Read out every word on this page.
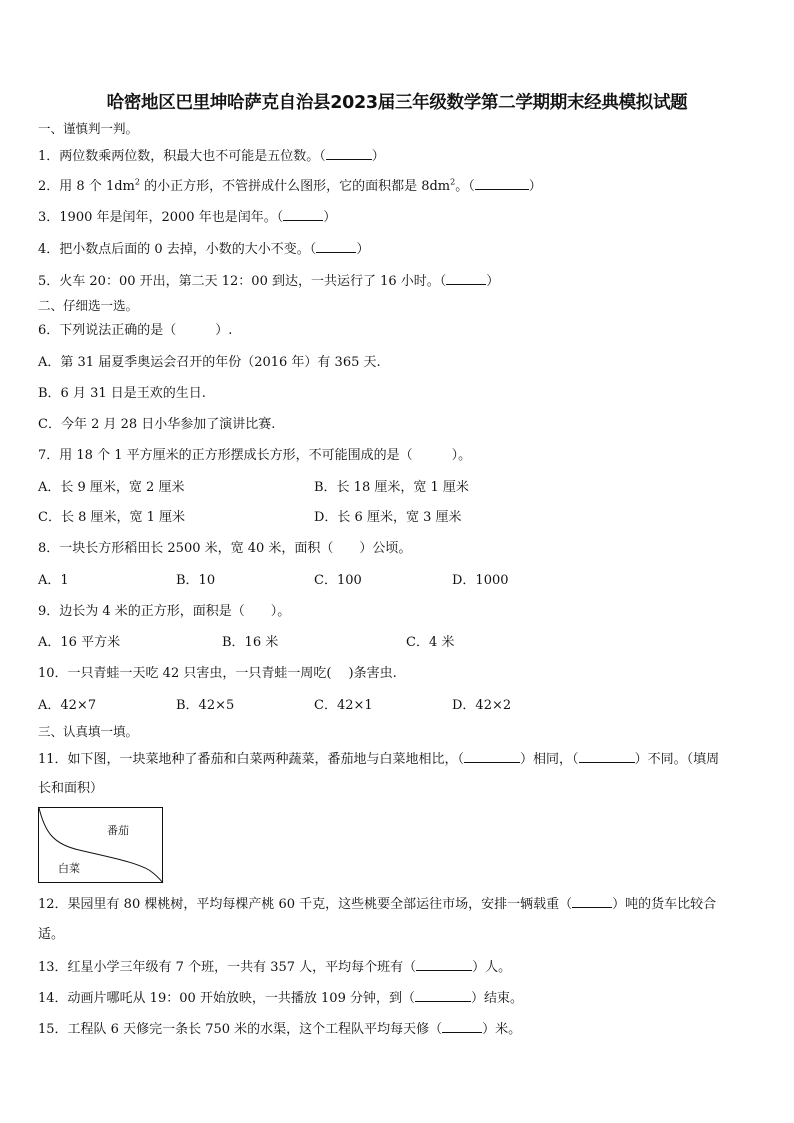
哈密地区巴里坤哈萨克自治县2023届三年级数学第二学期期末经典模拟试题
一、谨慎判一判。
1．两位数乘两位数，积最大也不可能是五位数。（	）
2．用 8 个 $1dm^2$ 的小正方形，不管拼成什么图形，它的面积都是 $8dm^2$。（	）
3．1900 年是闰年，2000 年也是闰年。（	）
4．把小数点后面的 0 去掉，小数的大小不变。（	）
5．火车 20：00 开出，第二天 12：00 到达，一共运行了 16 小时。（	）
二、仔细选一选。
6．下列说法正确的是（　　　）.
A．第 31 届夏季奥运会召开的年份（2016 年）有 365 天.
B．6 月 31 日是王欢的生日.
C．今年 2 月 28 日小华参加了演讲比赛.
7．用 18 个 1 平方厘米的正方形摆成长方形，不可能围成的是（　　　）。
A．长 9 厘米，宽 2 厘米	B．长 18 厘米，宽 1 厘米
C．长 8 厘米，宽 1 厘米	D．长 6 厘米，宽 3 厘米
8．一块长方形稻田长 2500 米，宽 40 米，面积（　　）公顷。
A．1	B．10	C．100	D．1000
9．边长为 4 米的正方形，面积是（　　）。
A．16 平方米	B．16 米	C．4 米
10．一只青蛙一天吃 42 只害虫，一只青蛙一周吃(　 )条害虫.
A．42×7	B．42×5	C．42×1	D．42×2
三、认真填一填。
11．如下图，一块菜地种了番茄和白菜两种蔬菜，番茄地与白菜地相比，（	）相同，（	）不同。（填周
长和面积）
番茄
白菜
12．果园里有 80 棵桃树，平均每棵产桃 60 千克，这些桃要全部运往市场，安排一辆载重（	）吨的货车比较合
适。
13．红星小学三年级有 7 个班，一共有 357 人，平均每个班有（	）人。
14．动画片哪吒从 19：00 开始放映，一共播放 109 分钟，到（	）结束。
15．工程队 6 天修完一条长 750 米的水渠，这个工程队平均每天修（	）米。
